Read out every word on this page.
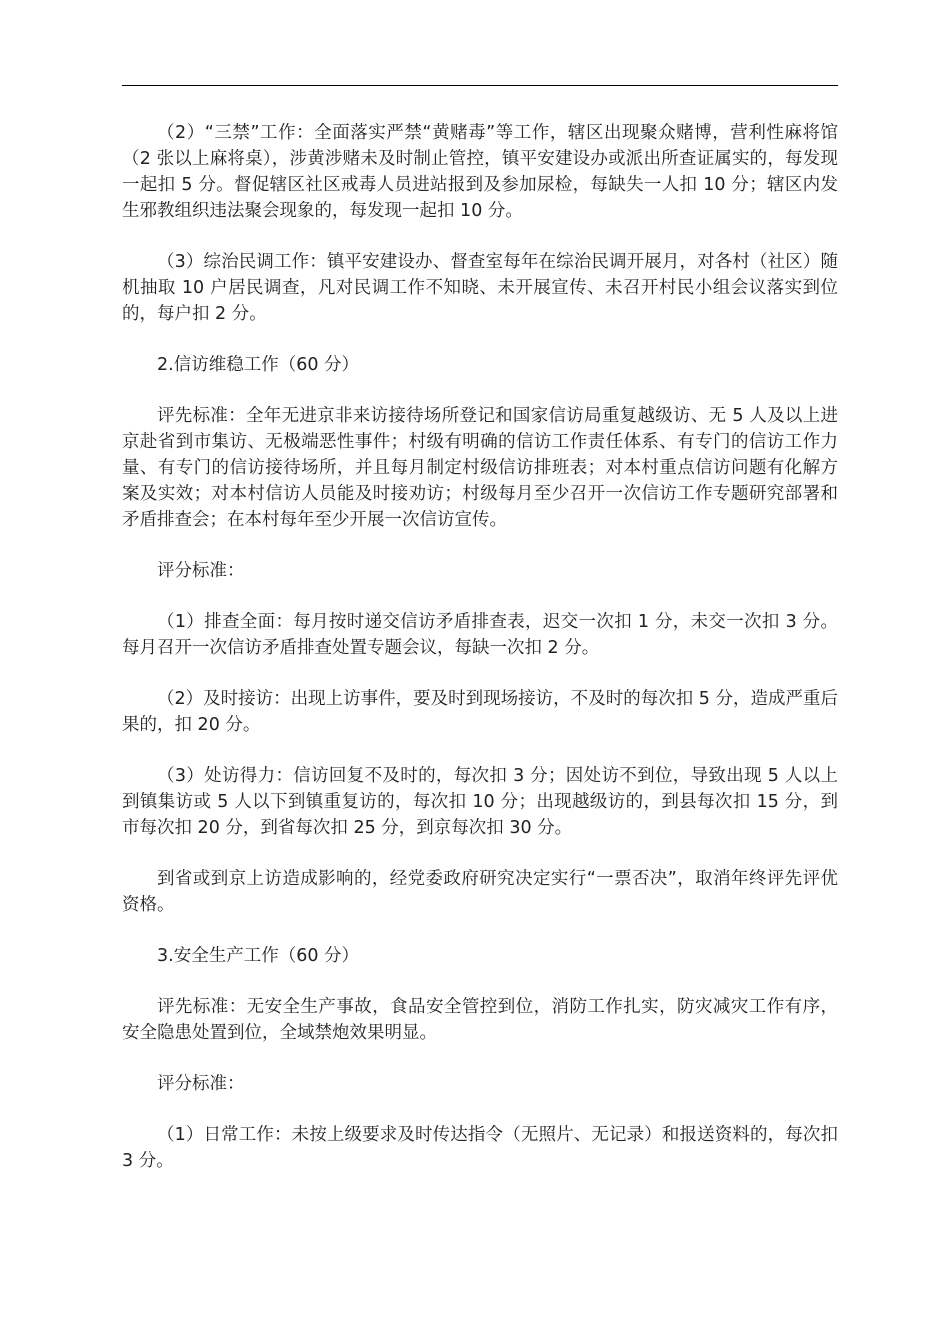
（2）“三禁”工作：全面落实严禁“黄赌毒”等工作，辖区出现聚众赌博，营利性麻将馆（2 张以上麻将桌），涉黄涉赌未及时制止管控，镇平安建设办或派出所查证属实的，每发现一起扣 5 分。督促辖区社区戒毒人员进站报到及参加尿检，每缺失一人扣 10 分；辖区内发生邪教组织违法聚会现象的，每发现一起扣 10 分。

（3）综治民调工作：镇平安建设办、督查室每年在综治民调开展月，对各村（社区）随机抽取 10 户居民调查，凡对民调工作不知晓、未开展宣传、未召开村民小组会议落实到位的，每户扣 2 分。

2.信访维稳工作（60 分）

评先标准：全年无进京非来访接待场所登记和国家信访局重复越级访、无 5 人及以上进京赴省到市集访、无极端恶性事件；村级有明确的信访工作责任体系、有专门的信访工作力量、有专门的信访接待场所，并且每月制定村级信访排班表；对本村重点信访问题有化解方案及实效；对本村信访人员能及时接劝访；村级每月至少召开一次信访工作专题研究部署和矛盾排查会；在本村每年至少开展一次信访宣传。

评分标准：

（1）排查全面：每月按时递交信访矛盾排查表，迟交一次扣 1 分，未交一次扣 3 分。每月召开一次信访矛盾排查处置专题会议，每缺一次扣 2 分。

（2）及时接访：出现上访事件，要及时到现场接访，不及时的每次扣 5 分，造成严重后果的，扣 20 分。

（3）处访得力：信访回复不及时的，每次扣 3 分；因处访不到位，导致出现 5 人以上到镇集访或 5 人以下到镇重复访的，每次扣 10 分；出现越级访的，到县每次扣 15 分，到市每次扣 20 分，到省每次扣 25 分，到京每次扣 30 分。

到省或到京上访造成影响的，经党委政府研究决定实行“一票否决”，取消年终评先评优资格。

3.安全生产工作（60 分）

评先标准：无安全生产事故，食品安全管控到位，消防工作扎实，防灾减灾工作有序，安全隐患处置到位，全域禁炮效果明显。

评分标准：

（1）日常工作：未按上级要求及时传达指令（无照片、无记录）和报送资料的，每次扣 3 分。
